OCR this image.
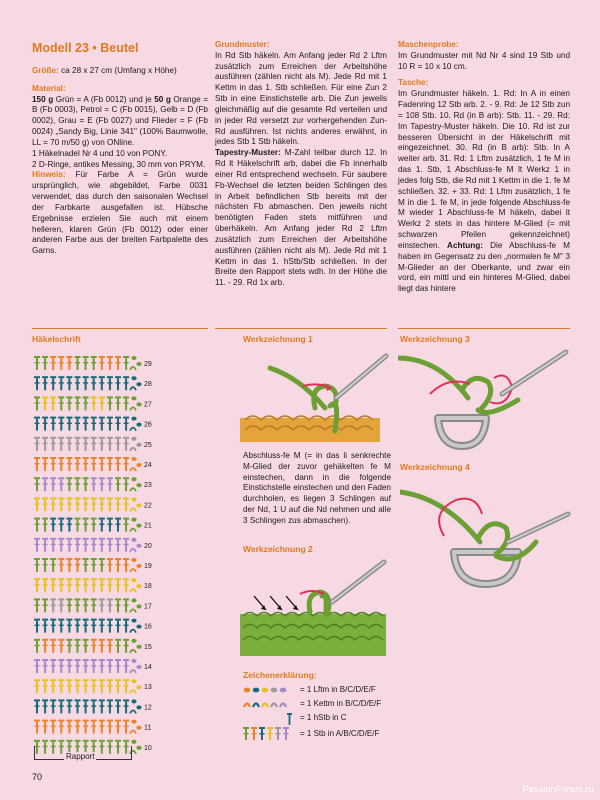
Modell 23 • Beutel

Größe: ca 28 x 27 cm (Umfang x Höhe)

Material:

150 g Grün = A (Fb 0012) und je 50 g Orange = B (Fb 0003), Petrol = C (Fb 0015), Gelb = D (Fb 0002), Grau = E (Fb 0027) und Flieder = F (Fb 0024) „Sandy Big, Linie 341" (100% Baumwolle, LL = 70 m/50 g) von ONline.

1 Häkelnadel Nr 4 und 10 von PONY.

2 D-Ringe, antikes Messing, 30 mm von PRYM.

Hinweis: Für Farbe A = Grün wurde ursprünglich, wie abgebildet, Farbe 0031 verwendet, das durch den saisonalen Wechsel der Farbkarte ausgefallen ist. Hübsche Ergebnisse erzielen Sie auch mit einem helleren, klaren Grün (Fb 0012) oder einer anderen Farbe aus der breiten Farbpalette des Garns.

Grundmuster:

In Rd Stb häkeln. Am Anfang jeder Rd 2 Lftm zusätzlich zum Erreichen der Arbeitshöhe ausführen (zählen nicht als M). Jede Rd mit 1 Kettm in das 1. Stb schließen. Für eine Zun 2 Stb in eine Einstichstelle arb. Die Zun jeweils gleichmäßig auf die gesamte Rd verteilen und in jeder Rd versetzt zur vorhergehenden Zun-Rd ausführen. Ist nichts anderes erwähnt, in jedes Stb 1 Stb häkeln.

Tapestry-Muster: M-Zahl teilbar durch 12. In Rd lt Häkelschrift arb, dabei die Fb innerhalb einer Rd entsprechend wechseln. Für saubere Fb-Wechsel die letzten beiden Schlingen des in Arbeit befindlichen Stb bereits mit der nächsten Fb abmaschen. Den jeweils nicht benötigten Faden stets mitführen und überhäkeln. Am Anfang jeder Rd 2 Lftm zusätzlich zum Erreichen der Arbeitshöhe ausführen (zählen nicht als M). Jede Rd mit 1 Kettm in das 1. hStb/Stb schließen. In der Breite den Rapport stets wdh. In der Höhe die 11. - 29. Rd 1x arb.

Maschenprobe:

Im Grundmuster mit Nd Nr 4 sind 19 Stb und 10 R = 10 x 10 cm.

Tasche:

Im Grundmuster häkeln. 1. Rd: In A in einen Fadenring 12 Stb arb. 2. - 9. Rd: Je 12 Stb zun = 108 Stb. 10. Rd (in B arb): Stb. 11. - 29. Rd: Im Tapestry-Muster häkeln. Die 10. Rd ist zur besseren Übersicht in der Häkelschrift mit eingezeichnet. 30. Rd (in B arb): Stb. In A weiter arb. 31. Rd: 1 Lftm zusätzlich, 1 fe M in das 1. Stb, 1 Abschluss-fe M lt Werkz 1 in jedes folg Stb, die Rd mit 1 Kettm in die 1. fe M schließen. 32. + 33. Rd: 1 Lftm zusätzlich, 1 fe M in die 1. fe M, in jede folgende Abschluss-fe M wieder 1 Abschluss-fe M häkeln, dabei lt Werkz 2 stets in das hintere M-Glied (= mit schwarzen Pfeilen gekennzeichnet) einstechen. Achtung: Die Abschluss-fe M haben im Gegensatz zu den „normalen fe M" 3 M-Glieder an der Oberkante, und zwar ein vord, ein mittl und ein hinteres M-Glied, dabei liegt das hintere

Häkelschrift	Werkzeichnung 1	Werkzeichnung 3
Werkzeichnung 4
Werkzeichnung 2
29
28
27
26
25
24
23
22
21
20
19
18
17
16
15
14
13
12
11
10
Rapport
Abschluss-fe M (= in das li senkrechte M-Glied der zuvor gehäkelten fe M einstechen, dann in die folgende Einstichstelle einstechen und den Faden durchholen, es liegen 3 Schlingen auf der Nd, 1 U auf die Nd nehmen und alle 3 Schlingen zus abmaschen).
Zeichenerklärung:
= 1 Lftm in B/C/D/E/F
= 1 Kettm in B/C/D/E/F
= 1 hStb in C
= 1 Stb in A/B/C/D/E/F
70
PassionForum.ru
